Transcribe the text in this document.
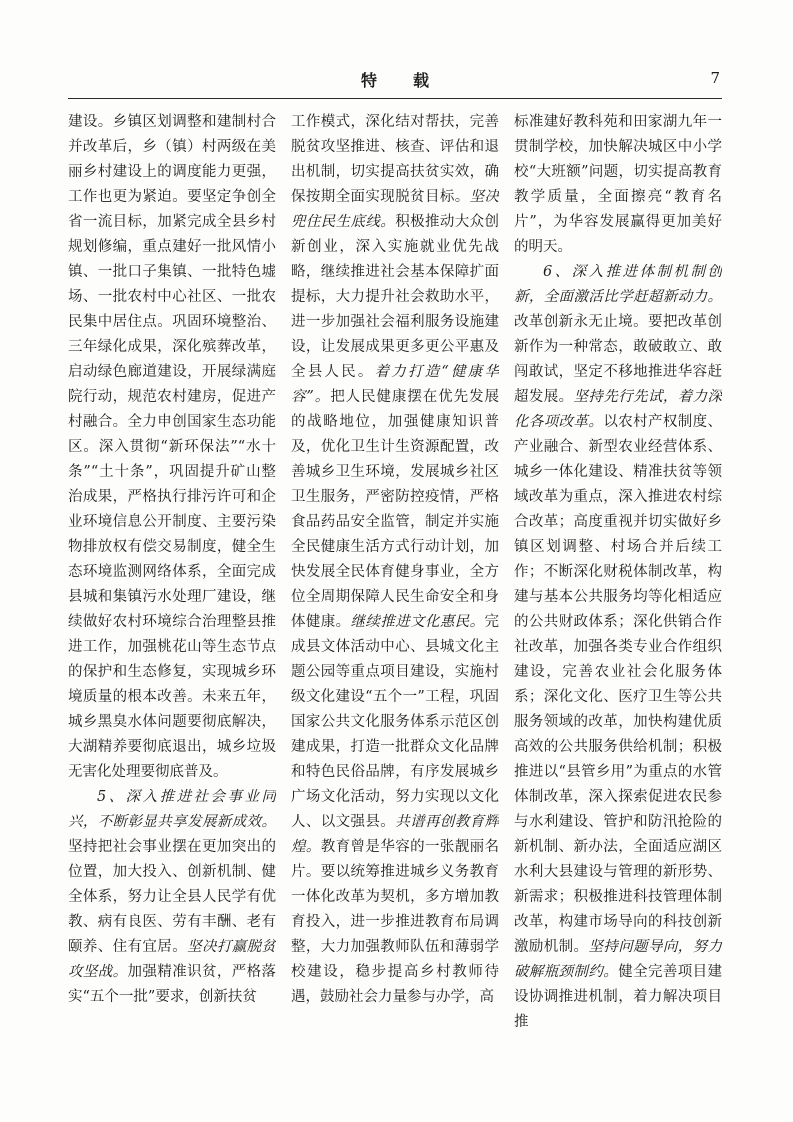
特　载	7

建设。乡镇区划调整和建制村合并改革后，乡（镇）村两级在美丽乡村建设上的调度能力更强，工作也更为紧迫。要坚定争创全省一流目标，加紧完成全县乡村规划修编，重点建好一批风情小镇、一批口子集镇、一批特色墟场、一批农村中心社区、一批农民集中居住点。巩固环境整治、三年绿化成果，深化殡葬改革，启动绿色廊道建设，开展绿满庭院行动，规范农村建房，促进产村融合。全力申创国家生态功能区。深入贯彻“新环保法”“水十条”“土十条”，巩固提升矿山整治成果，严格执行排污许可和企业环境信息公开制度、主要污染物排放权有偿交易制度，健全生态环境监测网络体系，全面完成县城和集镇污水处理厂建设，继续做好农村环境综合治理整县推进工作，加强桃花山等生态节点的保护和生态修复，实现城乡环境质量的根本改善。未来五年，城乡黑臭水体问题要彻底解决，大湖精养要彻底退出，城乡垃圾无害化处理要彻底普及。

5、深入推进社会事业同兴，不断彰显共享发展新成效。坚持把社会事业摆在更加突出的位置，加大投入、创新机制、健全体系，努力让全县人民学有优教、病有良医、劳有丰酬、老有颐养、住有宜居。坚决打赢脱贫攻坚战。加强精准识贫，严格落实“五个一批”要求，创新扶贫

工作模式，深化结对帮扶，完善脱贫攻坚推进、核查、评估和退出机制，切实提高扶贫实效，确保按期全面实现脱贫目标。坚决兜住民生底线。积极推动大众创新创业，深入实施就业优先战略，继续推进社会基本保障扩面提标，大力提升社会救助水平，进一步加强社会福利服务设施建设，让发展成果更多更公平惠及全县人民。着力打造“健康华容”。把人民健康摆在优先发展的战略地位，加强健康知识普及，优化卫生计生资源配置，改善城乡卫生环境，发展城乡社区卫生服务，严密防控疫情，严格食品药品安全监管，制定并实施全民健康生活方式行动计划，加快发展全民体育健身事业，全方位全周期保障人民生命安全和身体健康。继续推进文化惠民。完成县文体活动中心、县城文化主题公园等重点项目建设，实施村级文化建设“五个一”工程，巩固国家公共文化服务体系示范区创建成果，打造一批群众文化品牌和特色民俗品牌，有序发展城乡广场文化活动，努力实现以文化人、以文强县。共谱再创教育辉煌。教育曾是华容的一张靓丽名片。要以统筹推进城乡义务教育一体化改革为契机，多方增加教育投入，进一步推进教育布局调整，大力加强教师队伍和薄弱学校建设，稳步提高乡村教师待遇，鼓励社会力量参与办学，高

标准建好教科苑和田家湖九年一贯制学校，加快解决城区中小学校“大班额”问题，切实提高教育教学质量，全面擦亮“教育名片”，为华容发展赢得更加美好的明天。

6、深入推进体制机制创新，全面激活比学赶超新动力。改革创新永无止境。要把改革创新作为一种常态，敢破敢立、敢闯敢试，坚定不移地推进华容赶超发展。坚持先行先试，着力深化各项改革。以农村产权制度、产业融合、新型农业经营体系、城乡一体化建设、精准扶贫等领域改革为重点，深入推进农村综合改革；高度重视并切实做好乡镇区划调整、村场合并后续工作；不断深化财税体制改革，构建与基本公共服务均等化相适应的公共财政体系；深化供销合作社改革，加强各类专业合作组织建设，完善农业社会化服务体系；深化文化、医疗卫生等公共服务领域的改革，加快构建优质高效的公共服务供给机制；积极推进以“县管乡用”为重点的水管体制改革，深入探索促进农民参与水利建设、管护和防汛抢险的新机制、新办法，全面适应湖区水利大县建设与管理的新形势、新需求；积极推进科技管理体制改革，构建市场导向的科技创新激励机制。坚持问题导向，努力破解瓶颈制约。健全完善项目建设协调推进机制，着力解决项目推
